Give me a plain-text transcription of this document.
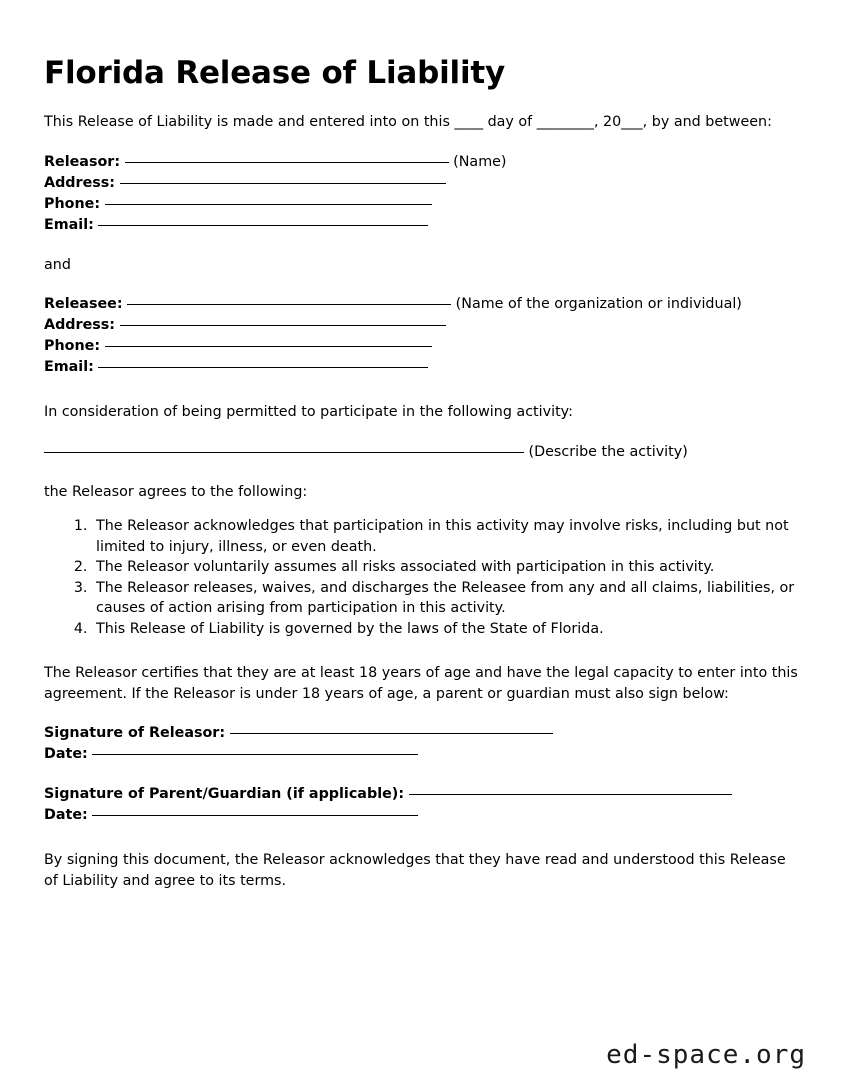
Florida Release of Liability

This Release of Liability is made and entered into on this ____ day of ________, 20___, by and between:

Releasor:	(Name)
Address:
Phone:
Email:

and

Releasee:	(Name of the organization or individual)
Address:
Phone:
Email:

In consideration of being permitted to participate in the following activity:

(Describe the activity)

the Releasor agrees to the following:

1. The Releasor acknowledges that participation in this activity may involve risks, including but not limited to injury, illness, or even death.
2. The Releasor voluntarily assumes all risks associated with participation in this activity.
3. The Releasor releases, waives, and discharges the Releasee from any and all claims, liabilities, or causes of action arising from participation in this activity.
4. This Release of Liability is governed by the laws of the State of Florida.

The Releasor certifies that they are at least 18 years of age and have the legal capacity to enter into this agreement. If the Releasor is under 18 years of age, a parent or guardian must also sign below:

Signature of Releasor:
Date:
Signature of Parent/Guardian (if applicable):
Date:

By signing this document, the Releasor acknowledges that they have read and understood this Release of Liability and agree to its terms.

ed-space.org
